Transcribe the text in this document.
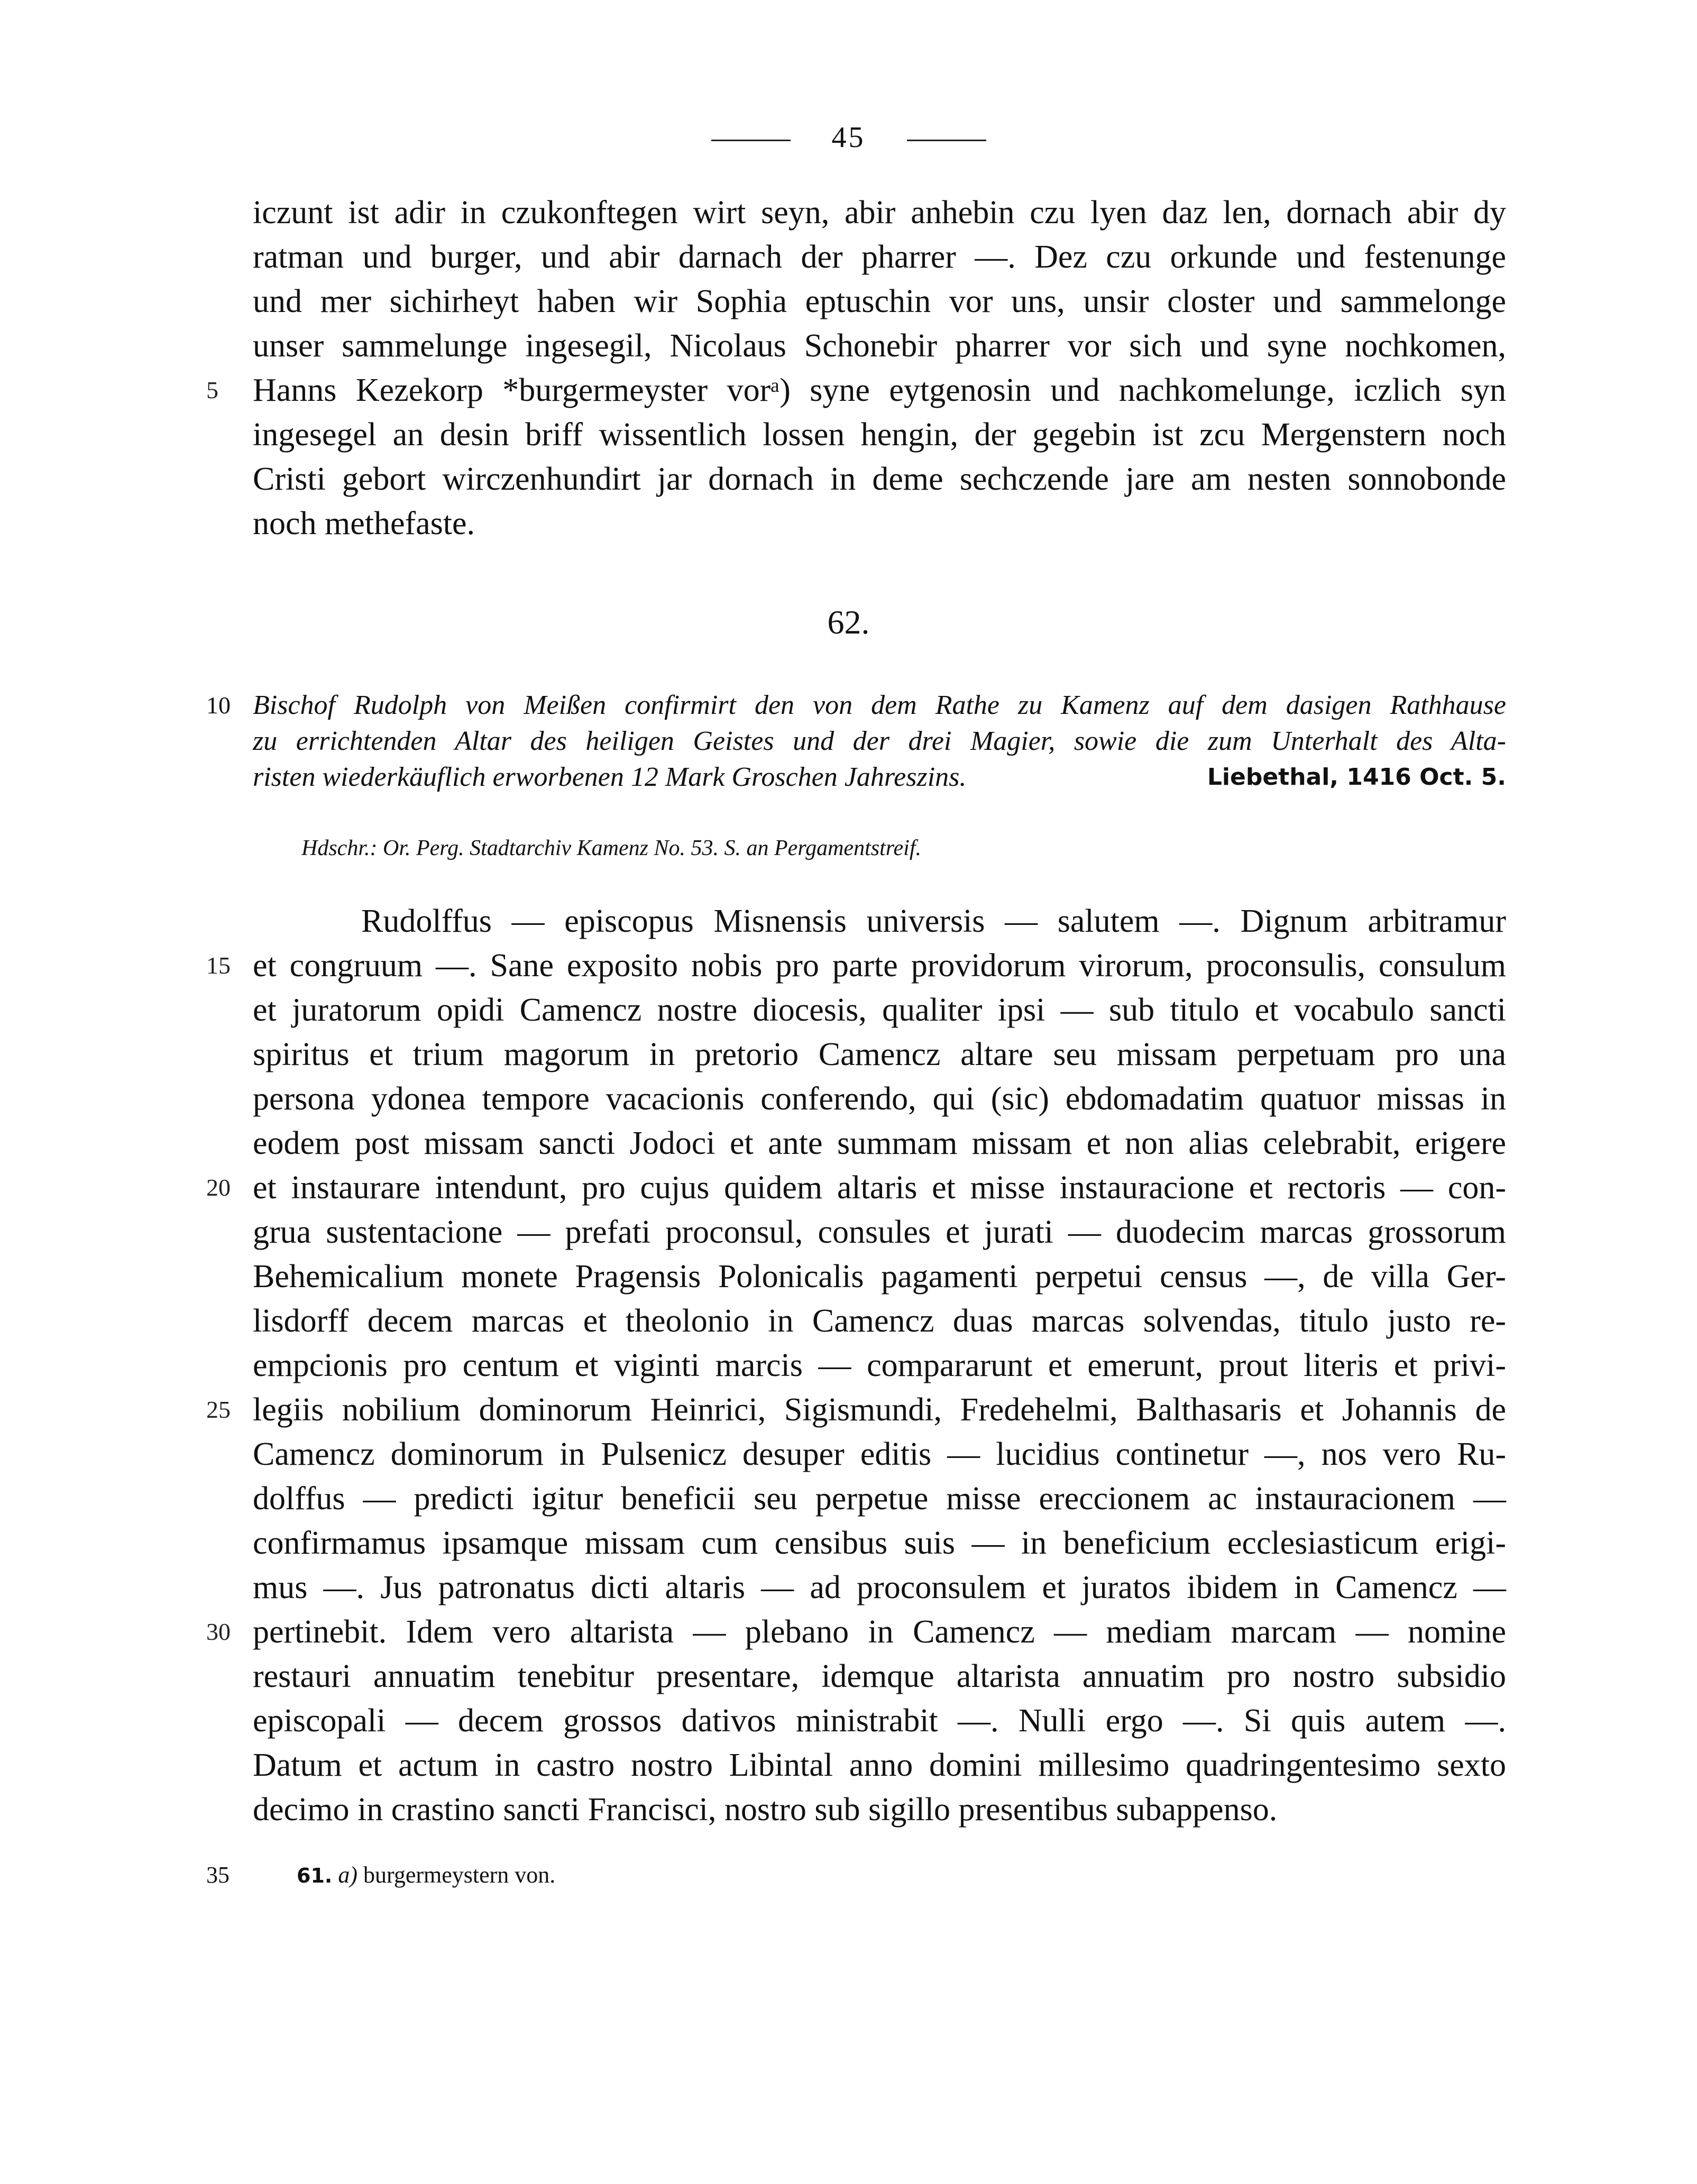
45
iczunt ist adir in czukonftegen wirt seyn, abir anhebin czu lyen daz len, dornach abir dy
ratman und burger, und abir darnach der pharrer —. Dez czu orkunde und festenunge
und mer sichirheyt haben wir Sophia eptuschin vor uns, unsir closter und sammelonge
unser sammelunge ingesegil, Nicolaus Schonebir pharrer vor sich und syne nochkomen,
5	Hanns Kezekorp *burgermeyster vorᵃ) syne eytgenosin und nachkomelunge, iczlich syn
ingesegel an desin briff wissentlich lossen hengin, der gegebin ist zcu Mergenstern noch
Cristi gebort wirczenhundirt jar dornach in deme sechczende jare am nesten sonnobonde
noch methefaste.
62.
10 Bischof Rudolph von Meißen confirmirt den von dem Rathe zu Kamenz auf dem dasigen Rathhause
zu errichtenden Altar des heiligen Geistes und der drei Magier, sowie die zum Unterhalt des Alta-
risten wiederkäuflich erworbenen 12 Mark Groschen Jahreszins.	Liebethal, 1416 Oct. 5.
Hdschr.: Or. Perg. Stadtarchiv Kamenz No. 53. S. an Pergamentstreif.
Rudolffus — episcopus Misnensis universis — salutem —. Dignum arbitramur
15 et congruum —. Sane exposito nobis pro parte providorum virorum, proconsulis, consulum
et juratorum opidi Camencz nostre diocesis, qualiter ipsi — sub titulo et vocabulo sancti
spiritus et trium magorum in pretorio Camencz altare seu missam perpetuam pro una
persona ydonea tempore vacacionis conferendo, qui (sic) ebdomadatim quatuor missas in
eodem post missam sancti Jodoci et ante summam missam et non alias celebrabit, erigere
20 et instaurare intendunt, pro cujus quidem altaris et misse instauracione et rectoris — con-
grua sustentacione — prefati proconsul, consules et jurati — duodecim marcas grossorum
Behemicalium monete Pragensis Polonicalis pagamenti perpetui census —, de villa Ger-
lisdorff decem marcas et theolonio in Camencz duas marcas solvendas, titulo justo re-
empcionis pro centum et viginti marcis — compararunt et emerunt, prout literis et privi-
25 legiis nobilium dominorum Heinrici, Sigismundi, Fredehelmi, Balthasaris et Johannis de
Camencz dominorum in Pulsenicz desuper editis — lucidius continetur —, nos vero Ru-
dolffus — predicti igitur beneficii seu perpetue misse ereccionem ac instauracionem —
confirmamus ipsamque missam cum censibus suis — in beneficium ecclesiasticum erigi-
mus —. Jus patronatus dicti altaris — ad proconsulem et juratos ibidem in Camencz —
30 pertinebit. Idem vero altarista — plebano in Camencz — mediam marcam — nomine
restauri annuatim tenebitur presentare, idemque altarista annuatim pro nostro subsidio
episcopali — decem grossos dativos ministrabit —. Nulli ergo —. Si quis autem —.
Datum et actum in castro nostro Libintal anno domini millesimo quadringentesimo sexto
decimo in crastino sancti Francisci, nostro sub sigillo presentibus subappenso.
35	61. a) burgermeystern von.
